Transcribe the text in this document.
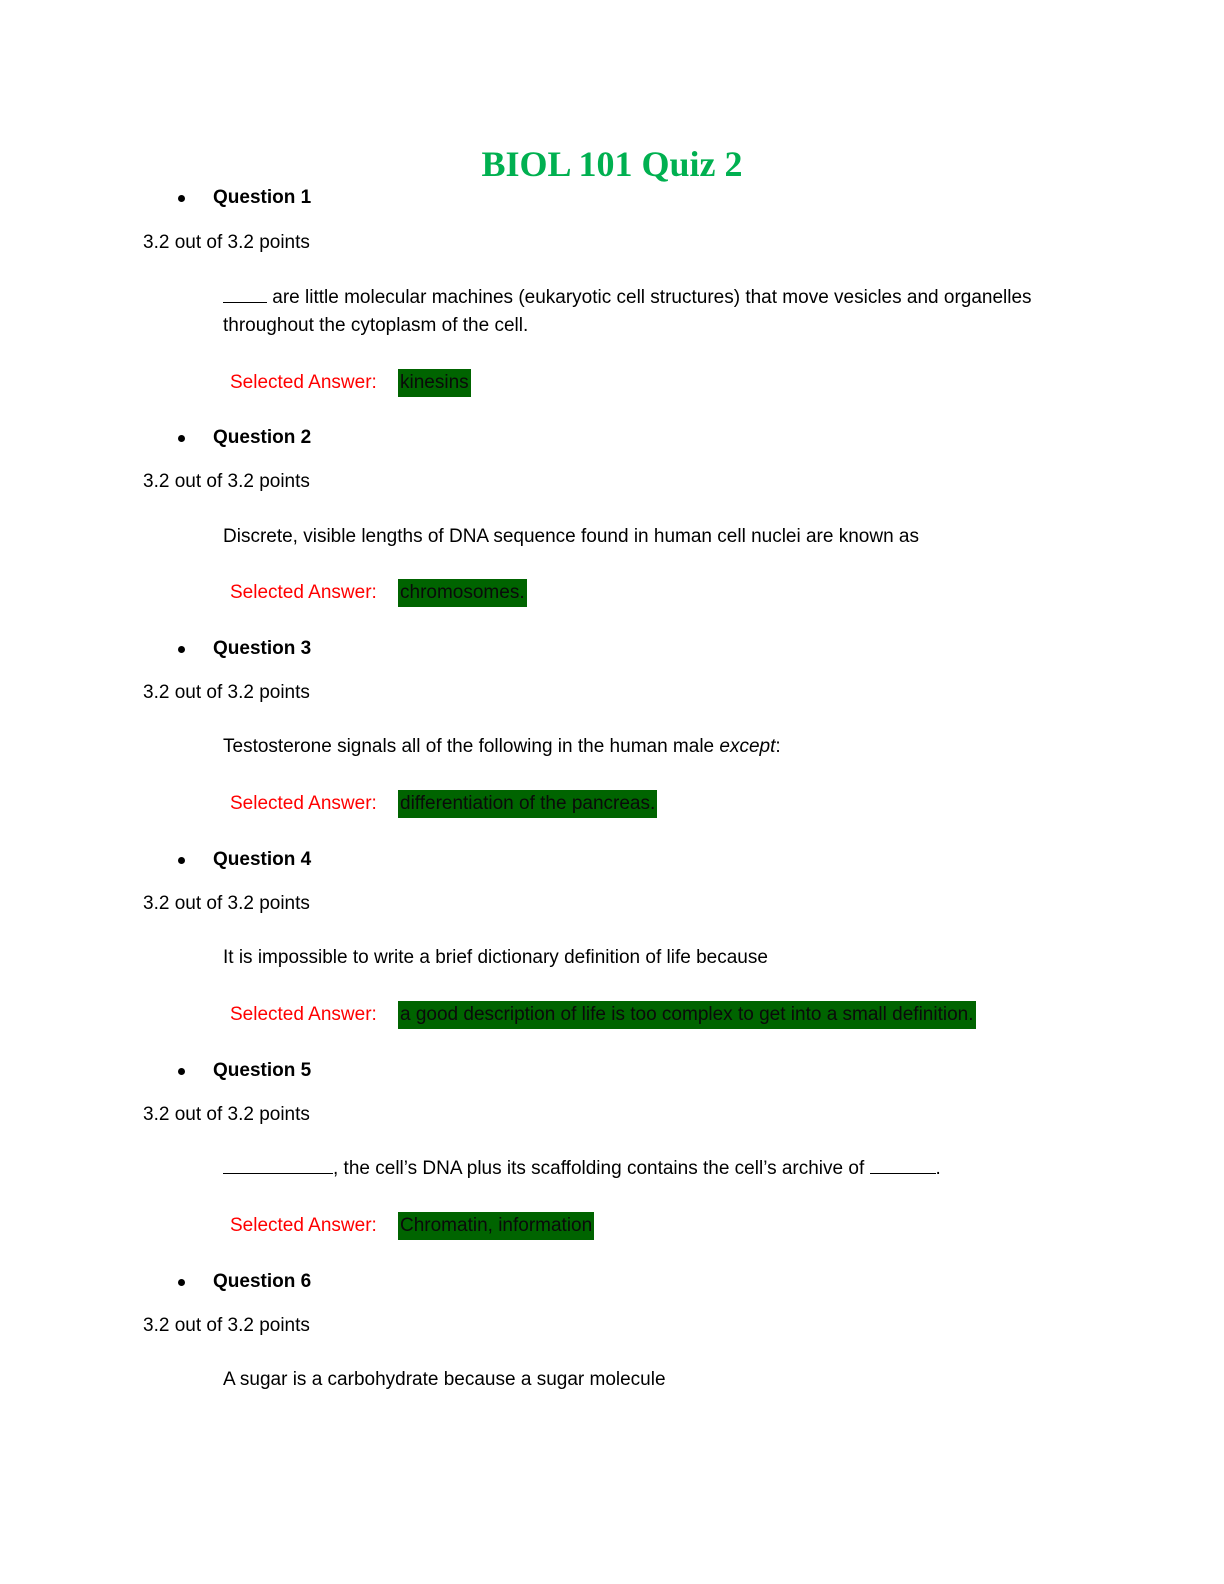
BIOL 101 Quiz 2
Question 1
3.2 out of 3.2 points
are little molecular machines (eukaryotic cell structures) that move vesicles and organelles throughout the cytoplasm of the cell.
Selected Answer:	kinesins
Question 2
3.2 out of 3.2 points
Discrete, visible lengths of DNA sequence found in human cell nuclei are known as
Selected Answer:	chromosomes.
Question 3
3.2 out of 3.2 points
Testosterone signals all of the following in the human male except:
Selected Answer:	differentiation of the pancreas.
Question 4
3.2 out of 3.2 points
It is impossible to write a brief dictionary definition of life because
Selected Answer:	a good description of life is too complex to get into a small definition.
Question 5
3.2 out of 3.2 points
, the cell’s DNA plus its scaffolding contains the cell’s archive of	.
Selected Answer:	Chromatin, information
Question 6
3.2 out of 3.2 points
A sugar is a carbohydrate because a sugar molecule
